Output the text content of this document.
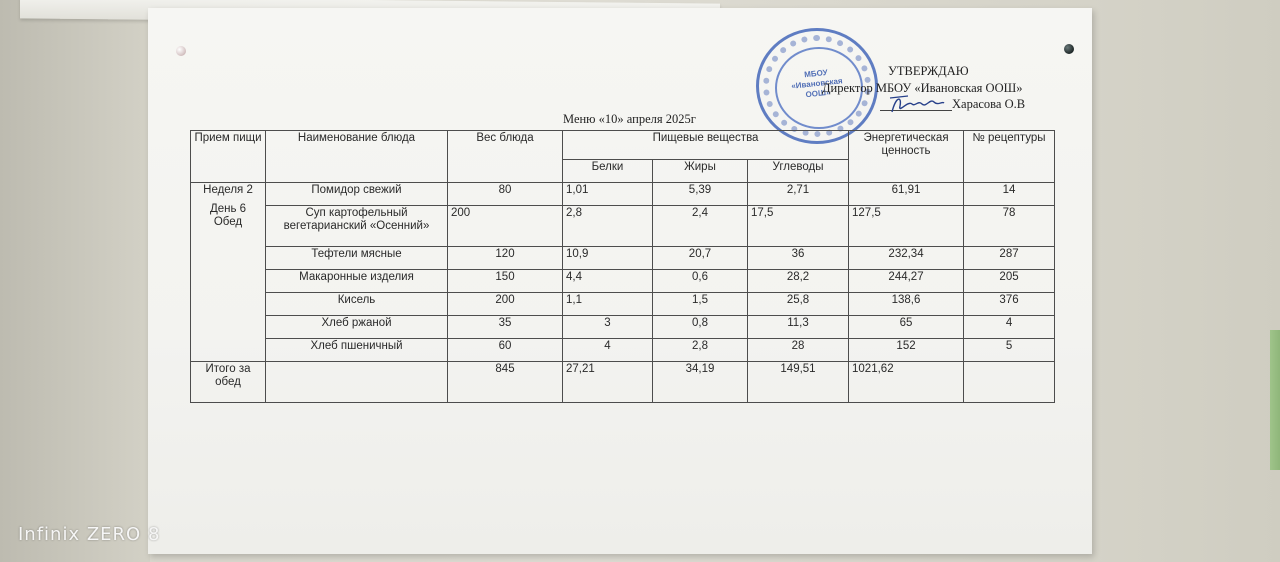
МБОУ «Ивановская ООШ»
УТВЕРЖДАЮ
Директор МБОУ «Ивановская ООШ»
Харасова О.В
Меню «10» апреля 2025г
Прием пищи	Наименование блюда	Вес блюда	Пищевые вещества			Энергетическая ценность	№ рецептуры
			Белки	Жиры	Углеводы		

Неделя 2
День 6
Обед	Помидор свежий	80	1,01	5,39	2,71	61,91	14
	Суп картофельный вегетарианский «Осенний»	200	2,8	2,4	17,5	127,5	78
	Тефтели мясные	120	10,9	20,7	36	232,34	287
	Макаронные изделия	150	4,4	0,6	28,2	244,27	205
	Кисель	200	1,1	1,5	25,8	138,6	376
	Хлеб ржаной	35	3	0,8	11,3	65	4
	Хлеб пшеничный	60	4	2,8	28	152	5
Итого за обед		845	27,21	34,19	149,51	1021,62	
Infinix ZERO 8
